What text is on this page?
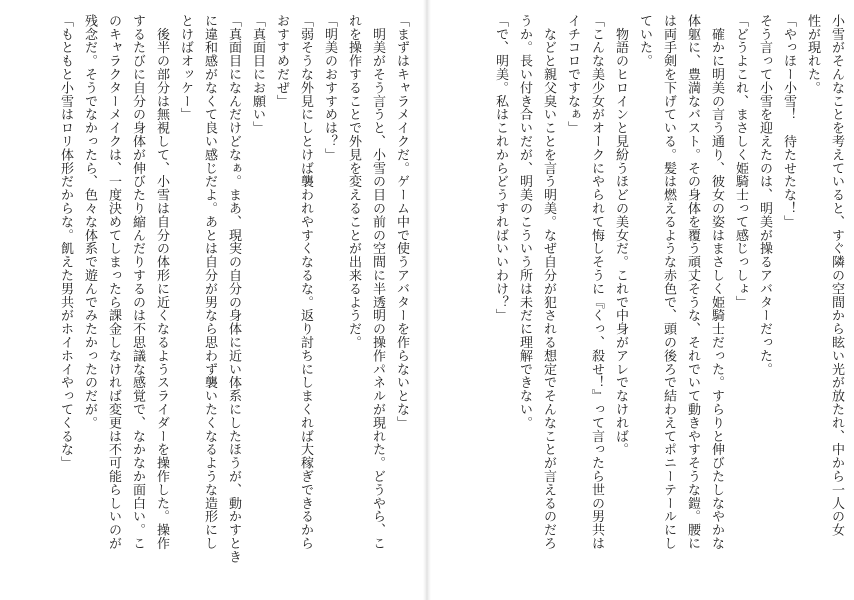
「まずはキャラメイクだ。ゲーム中で使うアバターを作らないとな」
　明美がそう言うと、小雪の目の前の空間に半透明の操作パネルが現れた。どうやら、こ
れを操作することで外見を変えることが出来るようだ。
「明美のおすすめは？」
「弱そうな外見にしとけば襲われやすくなるな。返り討ちにしまくれば大稼ぎできるから
おすすめだぜ」
「真面目にお願い」
「真面目になんだけどなぁ。まあ、現実の自分の身体に近い体系にしたほうが、動かすとき
に違和感がなくて良い感じだよ。あとは自分が男なら思わず襲いたくなるような造形にし
とけばオッケー」
　後半の部分は無視して、小雪は自分の体形に近くなるようスライダーを操作した。操作
するたびに自分の身体が伸びたり縮んだりするのは不思議な感覚で、なかなか面白い。こ
のキャラクターメイクは、一度決めてしまったら課金しなければ変更は不可能らしいのが
残念だ。そうでなかったら、色々な体系で遊んでみたかったのだが。
「もともと小雪はロリ体形だからな。飢えた男共がホイホイやってくるな」	小雪がそんなことを考えていると、すぐ隣の空間から眩い光が放たれ、中から一人の女
性が現れた。
「やっほー小雪！　待たせたな！」
そう言って小雪を迎えたのは、明美が操るアバターだった。
「どうよこれ、まさしく姫騎士って感じっしょ」
　確かに明美の言う通り、彼女の姿はまさしく姫騎士だった。すらりと伸びたしなやかな
体躯に、豊満なバスト。その身体を覆う頑丈そうな、それでいて動きやすそうな鎧。腰に
は両手剣を下げている。髪は燃えるような赤色で、頭の後ろで結わえてポニーテールにし
ていた。
　物語のヒロインと見紛うほどの美女だ。これで中身がアレでなければ。
「こんな美少女がオークにやられて悔しそうに『くっ、殺せ！』って言ったら世の男共は
イチコロですなぁ」
　などと親父臭いことを言う明美。なぜ自分が犯される想定でそんなことが言えるのだろ
うか。長い付き合いだが、明美のこういう所は未だに理解できない。
「で、明美。私はこれからどうすればいいわけ？」
